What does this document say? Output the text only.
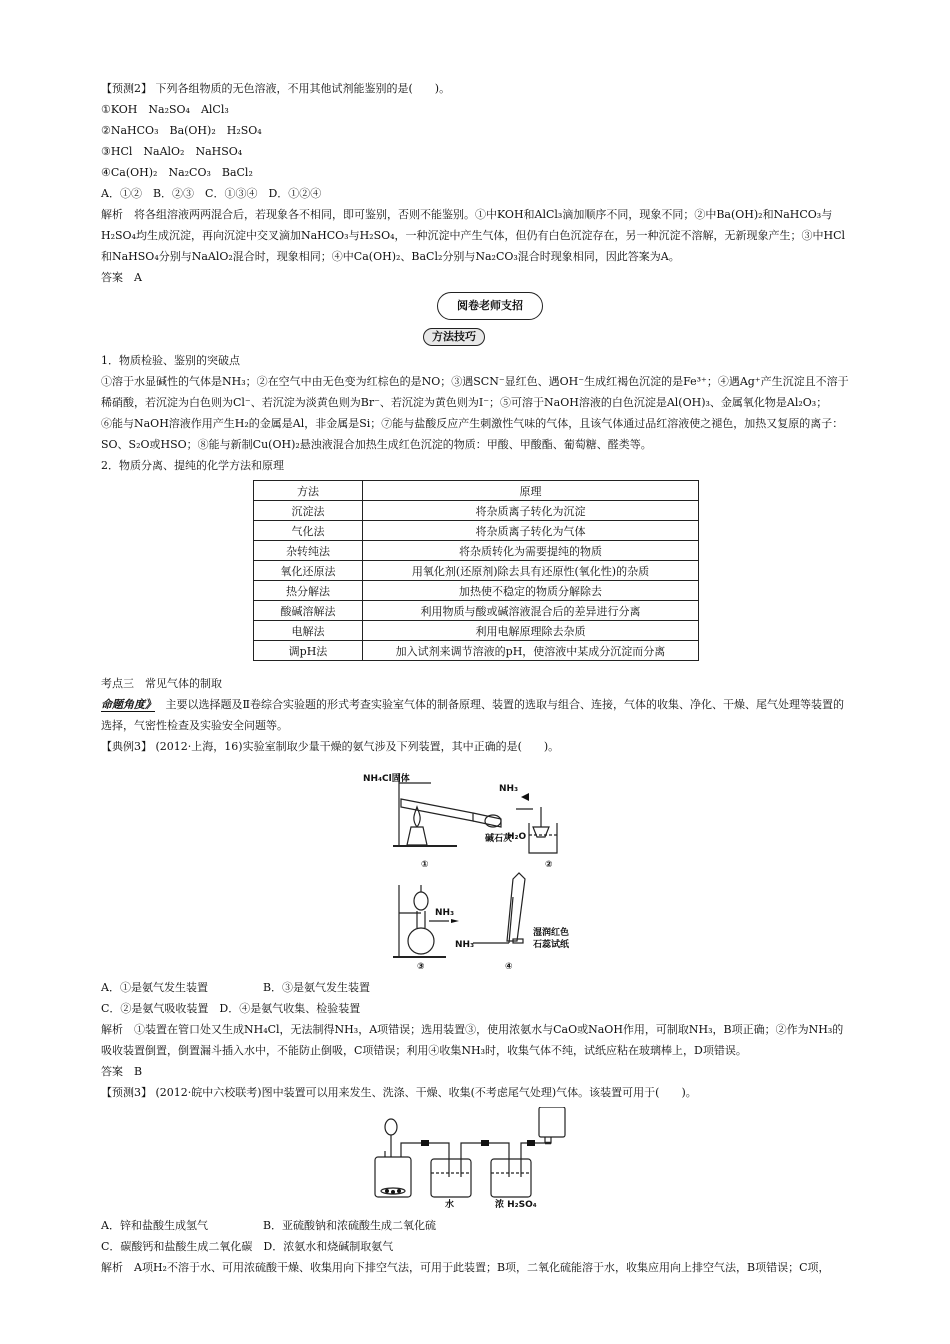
【预测2】 下列各组物质的无色溶液，不用其他试剂能鉴别的是(　　)。

①KOH　Na₂SO₄　AlCl₃

②NaHCO₃　Ba(OH)₂　H₂SO₄

③HCl　NaAlO₂　NaHSO₄

④Ca(OH)₂　Na₂CO₃　BaCl₂

A．①②　B．②③　C．①③④　D．①②④

解析　将各组溶液两两混合后，若现象各不相同，即可鉴别，否则不能鉴别。①中KOH和AlCl₃滴加顺序不同，现象不同；②中Ba(OH)₂和NaHCO₃与H₂SO₄均生成沉淀，再向沉淀中交叉滴加NaHCO₃与H₂SO₄，一种沉淀中产生气体，但仍有白色沉淀存在，另一种沉淀不溶解，无新现象产生；③中HCl和NaHSO₄分别与NaAlO₂混合时，现象相同；④中Ca(OH)₂、BaCl₂分别与Na₂CO₃混合时现象相同，因此答案为A。

答案　A

阅卷老师支招
方法技巧

1．物质检验、鉴别的突破点

①溶于水显碱性的气体是NH₃；②在空气中由无色变为红棕色的是NO；③遇SCN⁻显红色、遇OH⁻生成红褐色沉淀的是Fe³⁺；④遇Ag⁺产生沉淀且不溶于稀硝酸，若沉淀为白色则为Cl⁻、若沉淀为淡黄色则为Br⁻、若沉淀为黄色则为I⁻；⑤可溶于NaOH溶液的白色沉淀是Al(OH)₃、金属氧化物是Al₂O₃；

⑥能与NaOH溶液作用产生H₂的金属是Al，非金属是Si；⑦能与盐酸反应产生刺激性气味的气体，且该气体通过品红溶液使之褪色，加热又复原的离子：SO、S₂O或HSO；⑧能与新制Cu(OH)₂悬浊液混合加热生成红色沉淀的物质：甲酸、甲酸酯、葡萄糖、醛类等。

2．物质分离、提纯的化学方法和原理

方法	原理
沉淀法	将杂质离子转化为沉淀
气化法	将杂质离子转化为气体
杂转纯法	将杂质转化为需要提纯的物质
氧化还原法	用氧化剂(还原剂)除去具有还原性(氧化性)的杂质
热分解法	加热使不稳定的物质分解除去
酸碱溶解法	利用物质与酸或碱溶液混合后的差异进行分离
电解法	利用电解原理除去杂质
调pH法	加入试剂来调节溶液的pH，使溶液中某成分沉淀而分离

考点三　常见气体的制取

命题角度》　 主要以选择题及Ⅱ卷综合实验题的形式考查实验室气体的制备原理、装置的选取与组合、连接，气体的收集、净化、干燥、尾气处理等装置的选择，气密性检查及实验安全问题等。

【典例3】 (2012·上海，16)实验室制取少量干燥的氨气涉及下列装置，其中正确的是(　　)。

NH₄Cl固体
NH₃
碱石灰
H₂O
①	②
NH₃
NH₃
湿润红色
石蕊试纸
③	④

A．①是氨气发生装置　　　　　B．③是氨气发生装置

C．②是氨气吸收装置　D．④是氨气收集、检验装置

解析　①装置在管口处又生成NH₄Cl，无法制得NH₃，A项错误；选用装置③，使用浓氨水与CaO或NaOH作用，可制取NH₃，B项正确；②作为NH₃的吸收装置倒置，倒置漏斗插入水中，不能防止倒吸，C项错误；利用④收集NH₃时，收集气体不纯，试纸应粘在玻璃棒上，D项错误。

答案　B

【预测3】 (2012·皖中六校联考)图中装置可以用来发生、洗涤、干燥、收集(不考虑尾气处理)气体。该装置可用于(　　)。

水	浓 H₂SO₄

A．锌和盐酸生成氢气　　　　　B．亚硫酸钠和浓硫酸生成二氧化硫

C．碳酸钙和盐酸生成二氧化碳　D．浓氨水和烧碱制取氨气

解析　A项H₂不溶于水、可用浓硫酸干燥、收集用向下排空气法，可用于此装置；B项，二氧化硫能溶于水，收集应用向上排空气法，B项错误；C项，
